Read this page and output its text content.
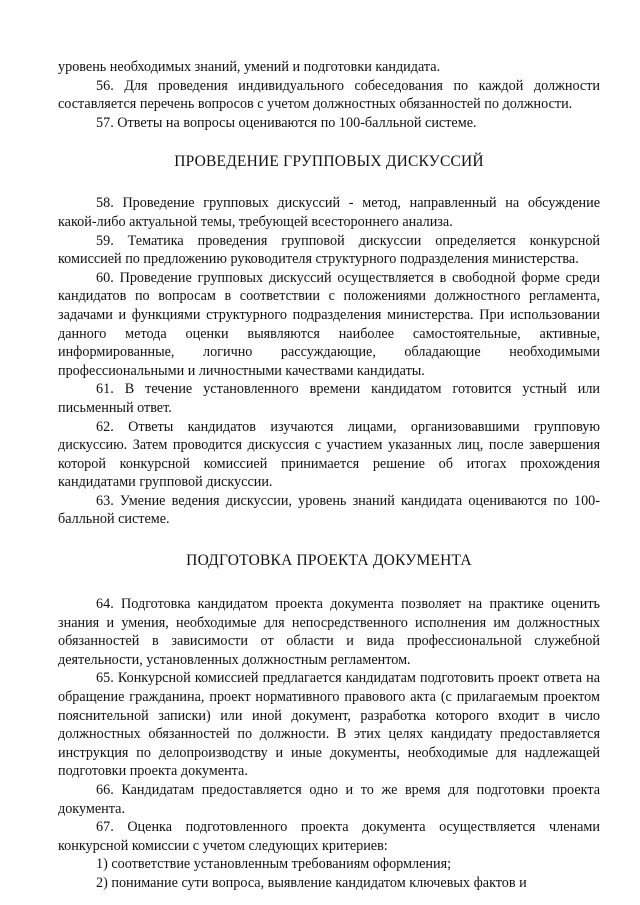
уровень необходимых знаний, умений и подготовки кандидата.

56. Для проведения индивидуального собеседования по каждой должности составляется перечень вопросов с учетом должностных обязанностей по должности.

57. Ответы на вопросы оцениваются по 100-балльной системе.

ПРОВЕДЕНИЕ ГРУППОВЫХ ДИСКУССИЙ

58. Проведение групповых дискуссий - метод, направленный на обсуждение какой-либо актуальной темы, требующей всестороннего анализа.

59. Тематика проведения групповой дискуссии определяется конкурсной комиссией по предложению руководителя структурного подразделения министерства.

60. Проведение групповых дискуссий осуществляется в свободной форме среди кандидатов по вопросам в соответствии с положениями должностного регламента, задачами и функциями структурного подразделения министерства. При использовании данного метода оценки выявляются наиболее самостоятельные, активные, информированные, логично рассуждающие, обладающие необходимыми профессиональными и личностными качествами кандидаты.

61. В течение установленного времени кандидатом готовится устный или письменный ответ.

62. Ответы кандидатов изучаются лицами, организовавшими групповую дискуссию. Затем проводится дискуссия с участием указанных лиц, после завершения которой конкурсной комиссией принимается решение об итогах прохождения кандидатами групповой дискуссии.

63. Умение ведения дискуссии, уровень знаний кандидата оцениваются по 100-балльной системе.

ПОДГОТОВКА ПРОЕКТА ДОКУМЕНТА

64. Подготовка кандидатом проекта документа позволяет на практике оценить знания и умения, необходимые для непосредственного исполнения им должностных обязанностей в зависимости от области и вида профессиональной служебной деятельности, установленных должностным регламентом.

65. Конкурсной комиссией предлагается кандидатам подготовить проект ответа на обращение гражданина, проект нормативного правового акта (с прилагаемым проектом пояснительной записки) или иной документ, разработка которого входит в число должностных обязанностей по должности. В этих целях кандидату предоставляется инструкция по делопроизводству и иные документы, необходимые для надлежащей подготовки проекта документа.

66. Кандидатам предоставляется одно и то же время для подготовки проекта документа.

67. Оценка подготовленного проекта документа осуществляется членами конкурсной комиссии с учетом следующих критериев:

1) соответствие установленным требованиям оформления;

2) понимание сути вопроса, выявление кандидатом ключевых фактов и
